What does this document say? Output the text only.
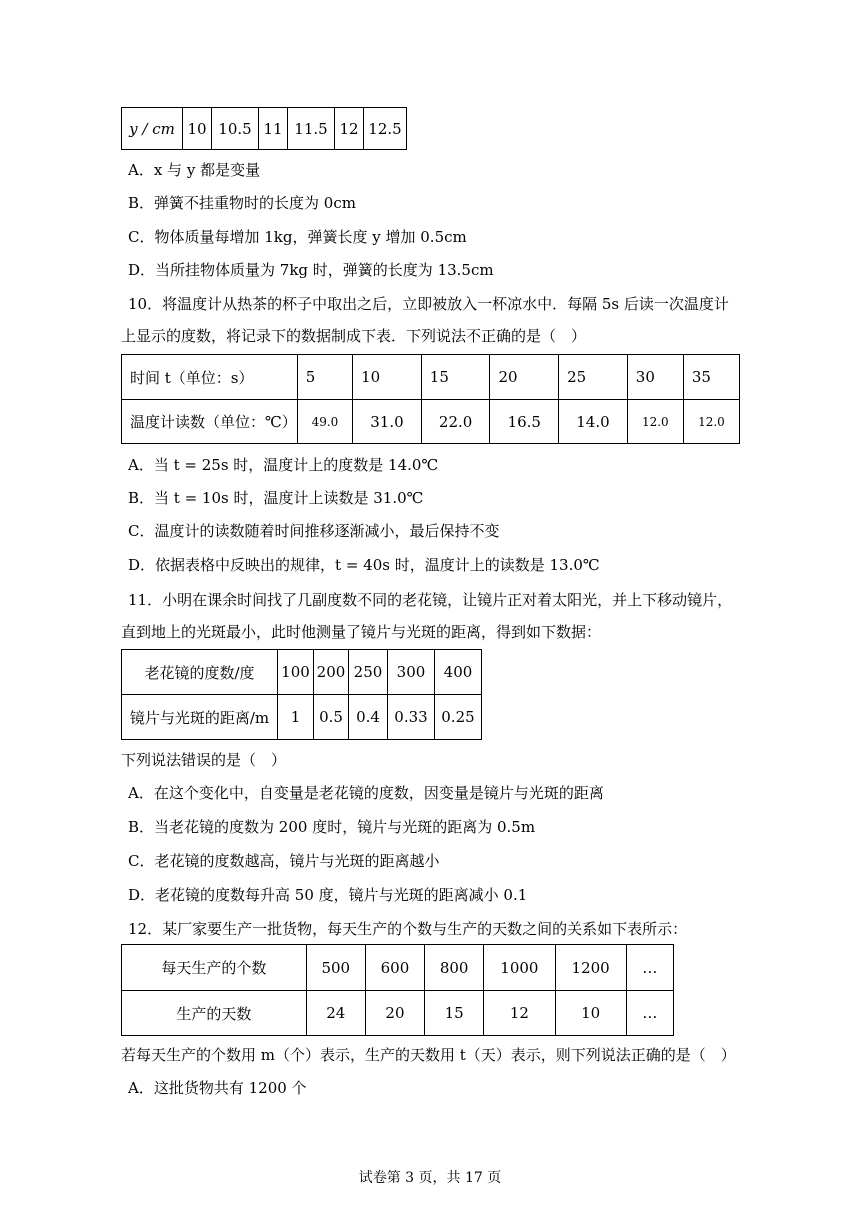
y / cm	10	10.5	11	11.5	12	12.5
A．x 与 y 都是变量
B．弹簧不挂重物时的长度为 0cm
C．物体质量每增加 1kg，弹簧长度 y 增加 0.5cm
D．当所挂物体质量为 7kg 时，弹簧的长度为 13.5cm
10．将温度计从热茶的杯子中取出之后，立即被放入一杯凉水中．每隔 5s 后读一次温度计
上显示的度数，将记录下的数据制成下表．下列说法不正确的是（　）
时间 t（单位：s）	5	10	15	20	25	30	35
温度计读数（单位：℃）	49.0	31.0	22.0	16.5	14.0	12.0	12.0
A．当 t = 25s 时，温度计上的度数是 14.0℃
B．当 t = 10s 时，温度计上读数是 31.0℃
C．温度计的读数随着时间推移逐渐减小，最后保持不变
D．依据表格中反映出的规律，t = 40s 时，温度计上的读数是 13.0℃
11．小明在课余时间找了几副度数不同的老花镜，让镜片正对着太阳光，并上下移动镜片，
直到地上的光斑最小，此时他测量了镜片与光斑的距离，得到如下数据：
老花镜的度数/度	100	200	250	300	400
镜片与光斑的距离/m	1	0.5	0.4	0.33	0.25
下列说法错误的是（　）
A．在这个变化中，自变量是老花镜的度数，因变量是镜片与光斑的距离
B．当老花镜的度数为 200 度时，镜片与光斑的距离为 0.5m
C．老花镜的度数越高，镜片与光斑的距离越小
D．老花镜的度数每升高 50 度，镜片与光斑的距离减小 0.1
12．某厂家要生产一批货物，每天生产的个数与生产的天数之间的关系如下表所示：
每天生产的个数	500	600	800	1000	1200	…
生产的天数	24	20	15	12	10	…
若每天生产的个数用 m（个）表示，生产的天数用 t（天）表示，则下列说法正确的是（　）
A．这批货物共有 1200 个
试卷第 3 页，共 17 页
